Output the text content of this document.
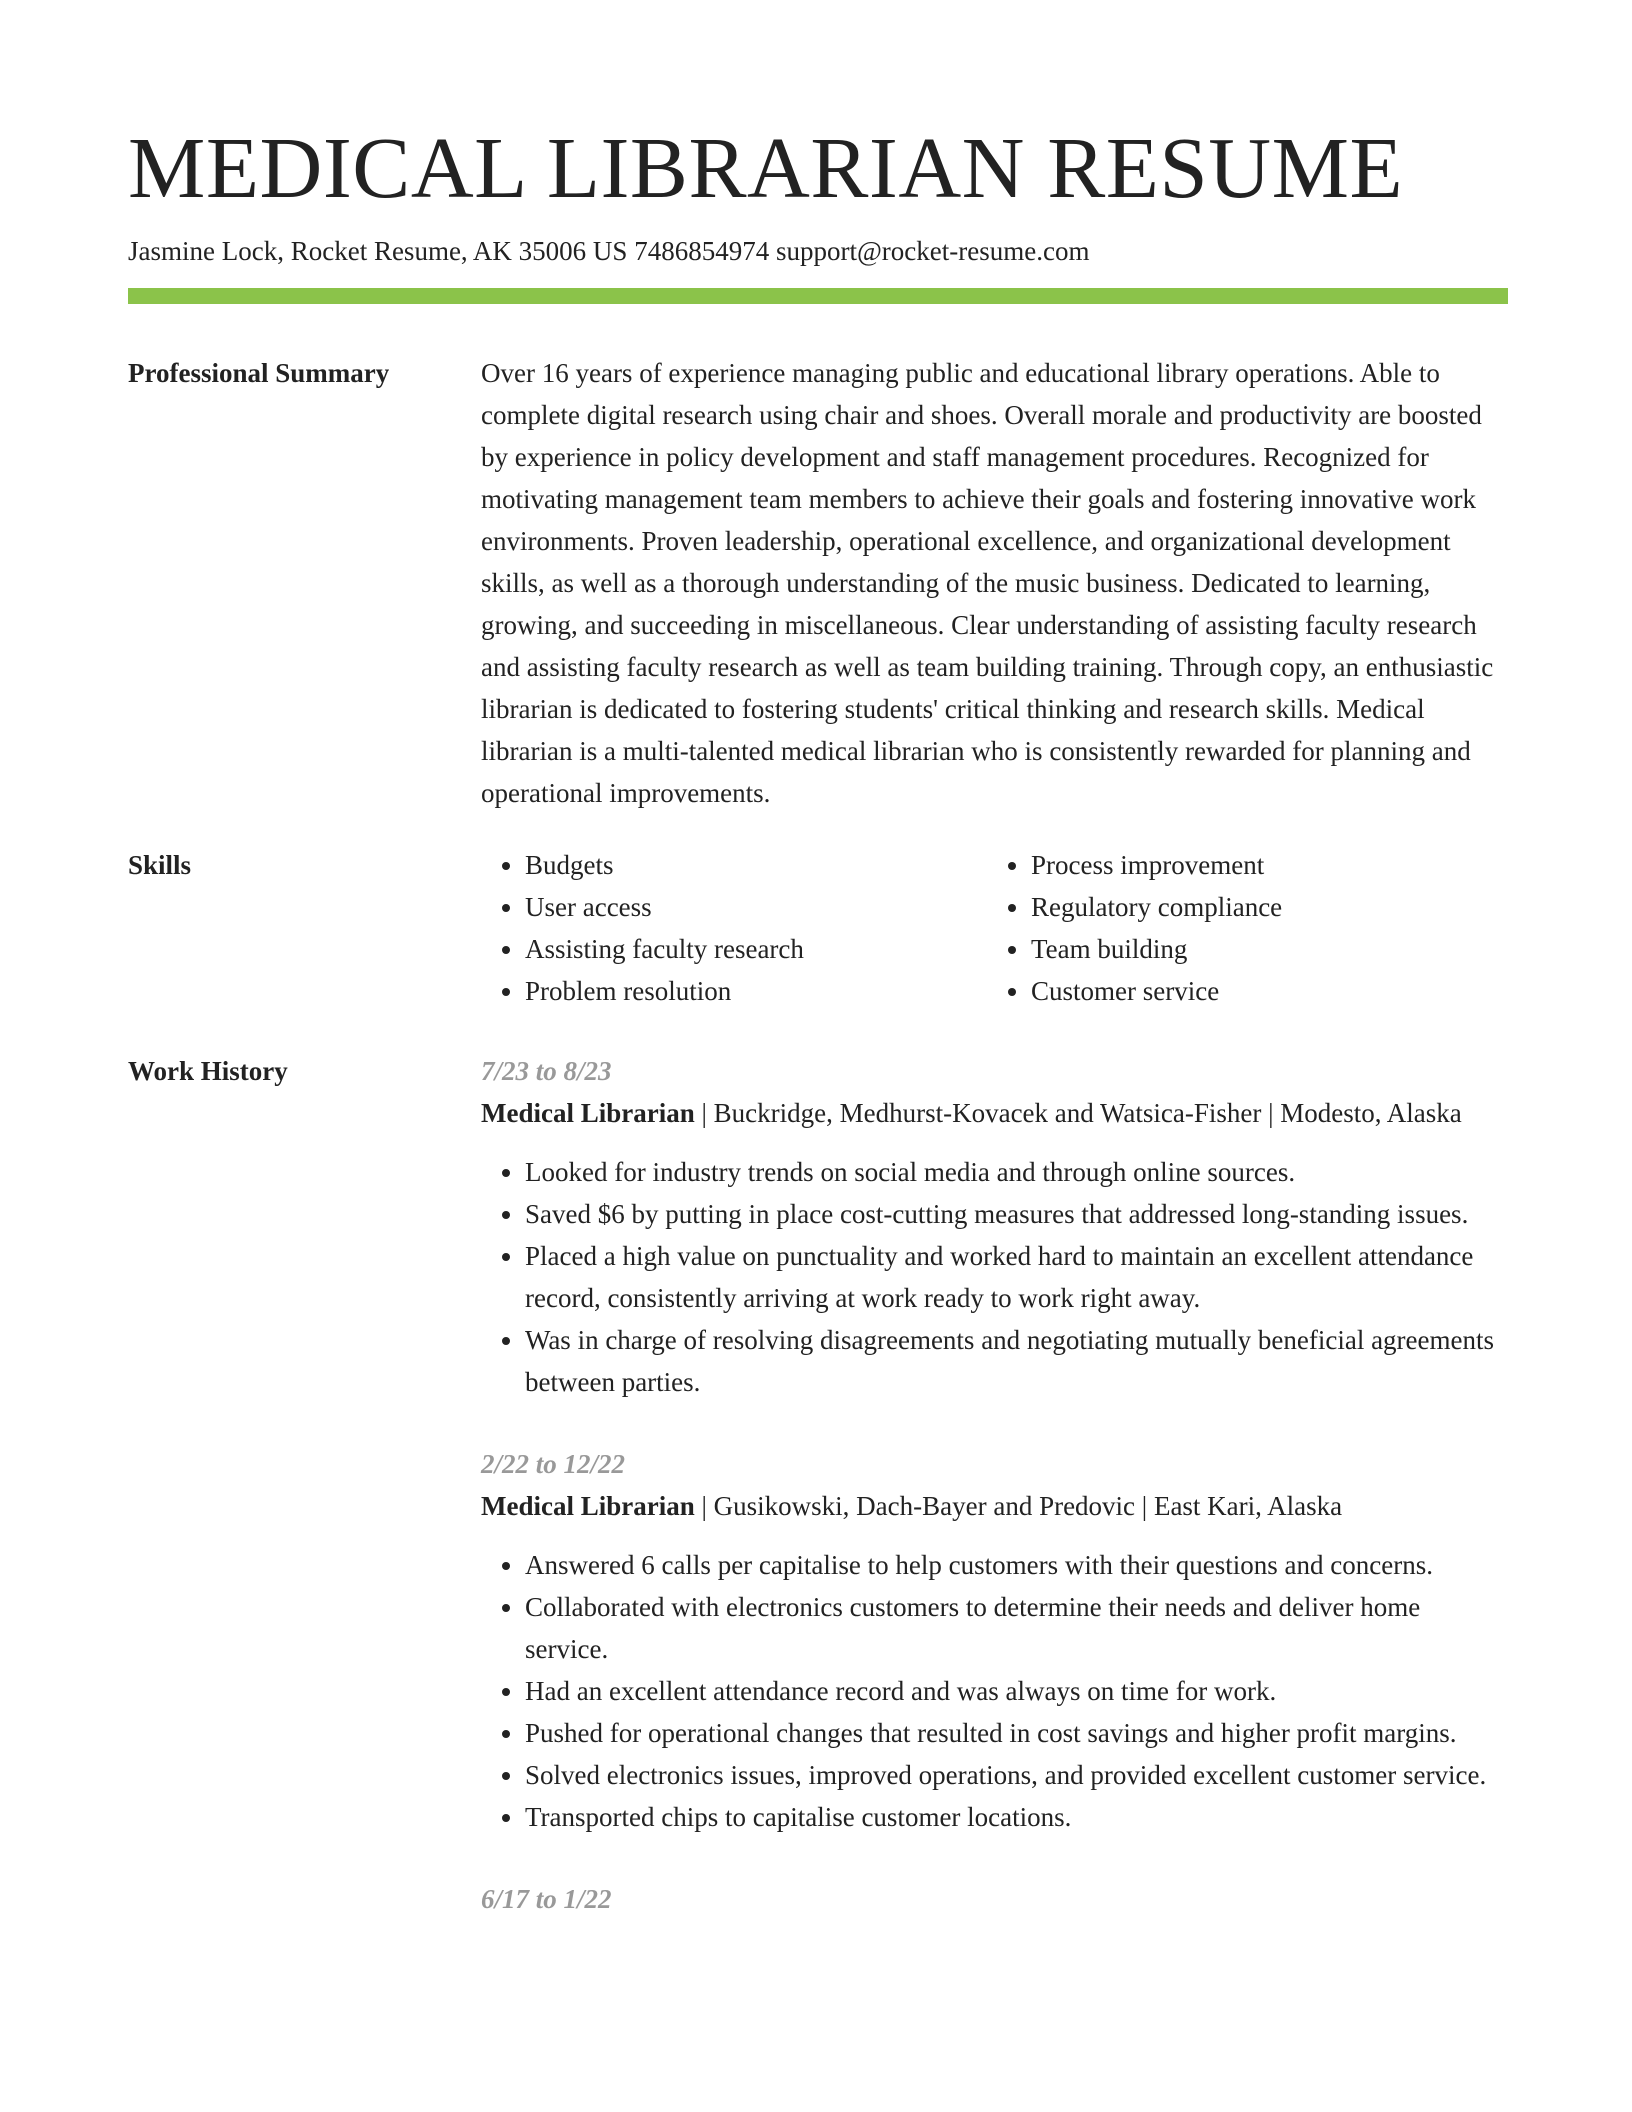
MEDICAL LIBRARIAN RESUME
Jasmine Lock, Rocket Resume, AK 35006 US 7486854974 support@rocket-resume.com
Professional Summary	Over 16 years of experience managing public and educational library operations. Able to complete digital research using chair and shoes. Overall morale and productivity are boosted by experience in policy development and staff management procedures. Recognized for motivating management team members to achieve their goals and fostering innovative work environments. Proven leadership, operational excellence, and organizational development skills, as well as a thorough understanding of the music business. Dedicated to learning, growing, and succeeding in miscellaneous. Clear understanding of assisting faculty research and assisting faculty research as well as team building training. Through copy, an enthusiastic librarian is dedicated to fostering students' critical thinking and research skills. Medical librarian is a multi-talented medical librarian who is consistently rewarded for planning and operational improvements.

Skills
•	Budgets
• User access
• Assisting faculty research
• Problem resolution
• Process improvement
• Regulatory compliance
• Team building
• Customer service
Work History	7/23 to 8/23
Medical Librarian | Buckridge, Medhurst-Kovacek and Watsica-Fisher | Modesto, Alaska
• Looked for industry trends on social media and through online sources.
• Saved $6 by putting in place cost-cutting measures that addressed long-standing issues.
• Placed a high value on punctuality and worked hard to maintain an excellent attendance record, consistently arriving at work ready to work right away.
• Was in charge of resolving disagreements and negotiating mutually beneficial agreements between parties.
2/22 to 12/22
Medical Librarian | Gusikowski, Dach-Bayer and Predovic | East Kari, Alaska
• Answered 6 calls per capitalise to help customers with their questions and concerns.
• Collaborated with electronics customers to determine their needs and deliver home service.
• Had an excellent attendance record and was always on time for work.
• Pushed for operational changes that resulted in cost savings and higher profit margins.
• Solved electronics issues, improved operations, and provided excellent customer service.
• Transported chips to capitalise customer locations.
6/17 to 1/22
